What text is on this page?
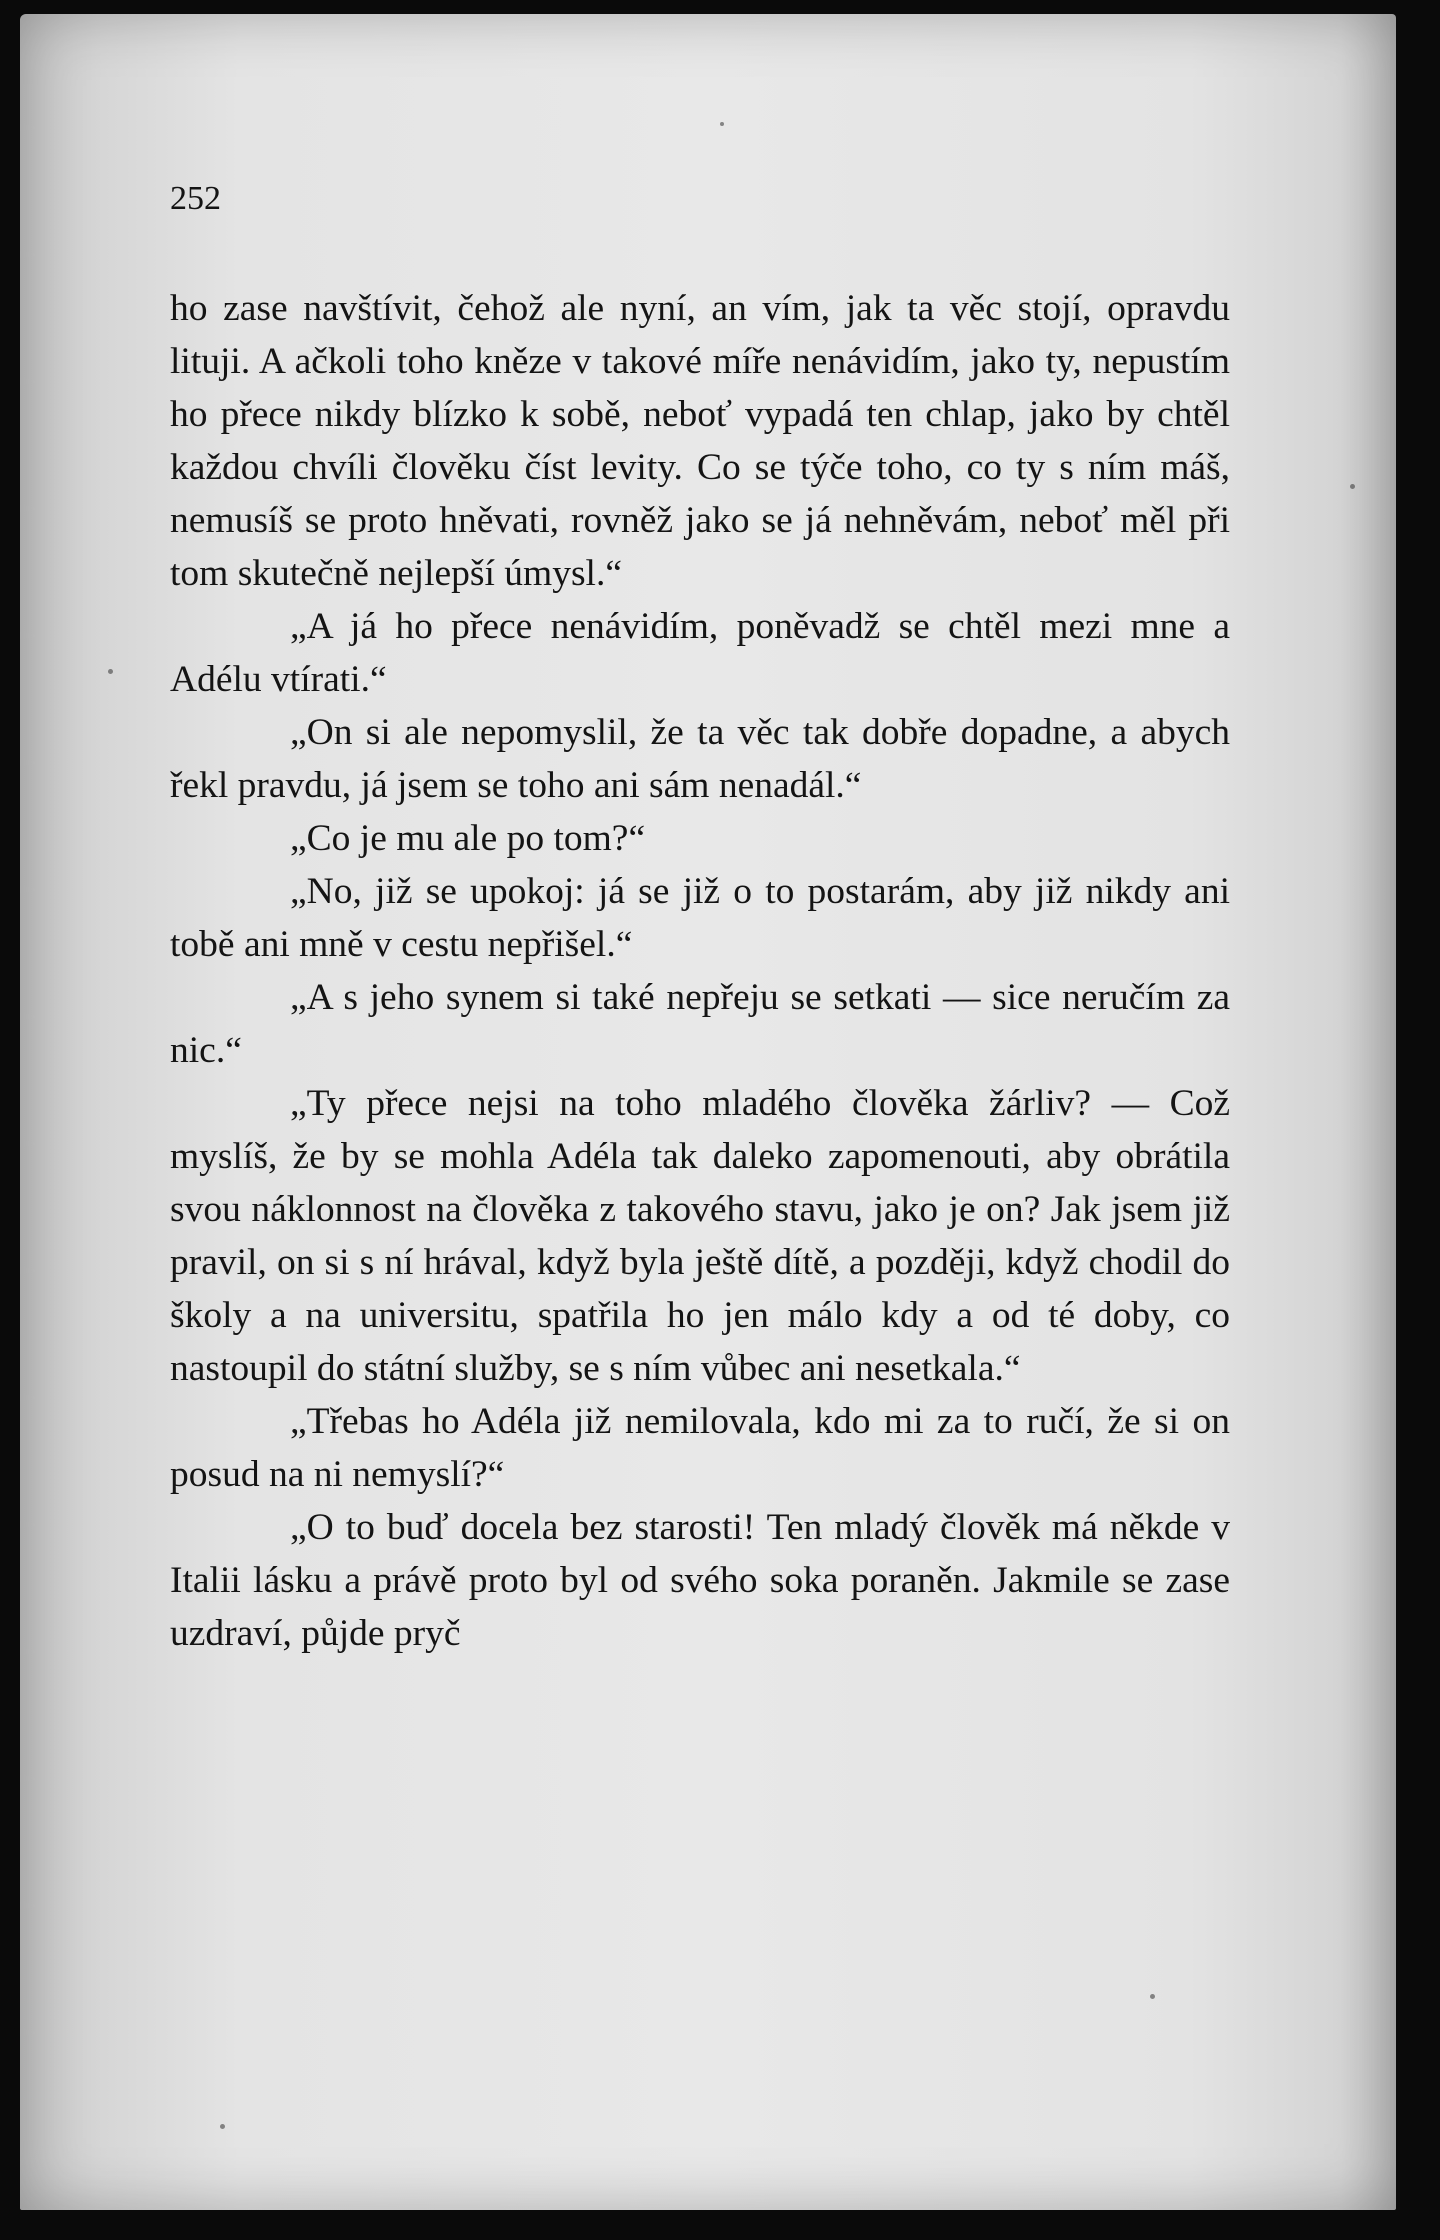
252

ho zase navštívit, čehož ale nyní, an vím, jak ta věc stojí, opravdu lituji. A ačkoli toho kněze v takové míře nenávidím, jako ty, nepustím ho přece nikdy blízko k sobě, neboť vypadá ten chlap, jako by chtěl každou chvíli člověku číst levity. Co se týče toho, co ty s ním máš, nemusíš se proto hněvati, rovněž jako se já nehněvám, neboť měl při tom skutečně nejlepší úmysl.“

„A já ho přece nenávidím, poněvadž se chtěl mezi mne a Adélu vtírati.“

„On si ale nepomyslil, že ta věc tak dobře dopadne, a abych řekl pravdu, já jsem se toho ani sám nenadál.“

„Co je mu ale po tom?“

„No, již se upokoj: já se již o to postarám, aby již nikdy ani tobě ani mně v cestu nepřišel.“

„A s jeho synem si také nepřeju se setkati — sice neručím za nic.“

„Ty přece nejsi na toho mladého člověka žárliv? — Což myslíš, že by se mohla Adéla tak daleko zapomenouti, aby obrátila svou náklonnost na člověka z takového stavu, jako je on? Jak jsem již pravil, on si s ní hrával, když byla ještě dítě, a později, když chodil do školy a na universitu, spatřila ho jen málo kdy a od té doby, co nastoupil do státní služby, se s ním vůbec ani nesetkala.“

„Třebas ho Adéla již nemilovala, kdo mi za to ručí, že si on posud na ni nemyslí?“

„O to buď docela bez starosti! Ten mladý člověk má někde v Italii lásku a právě proto byl od svého soka poraněn. Jakmile se zase uzdraví, půjde pryč
